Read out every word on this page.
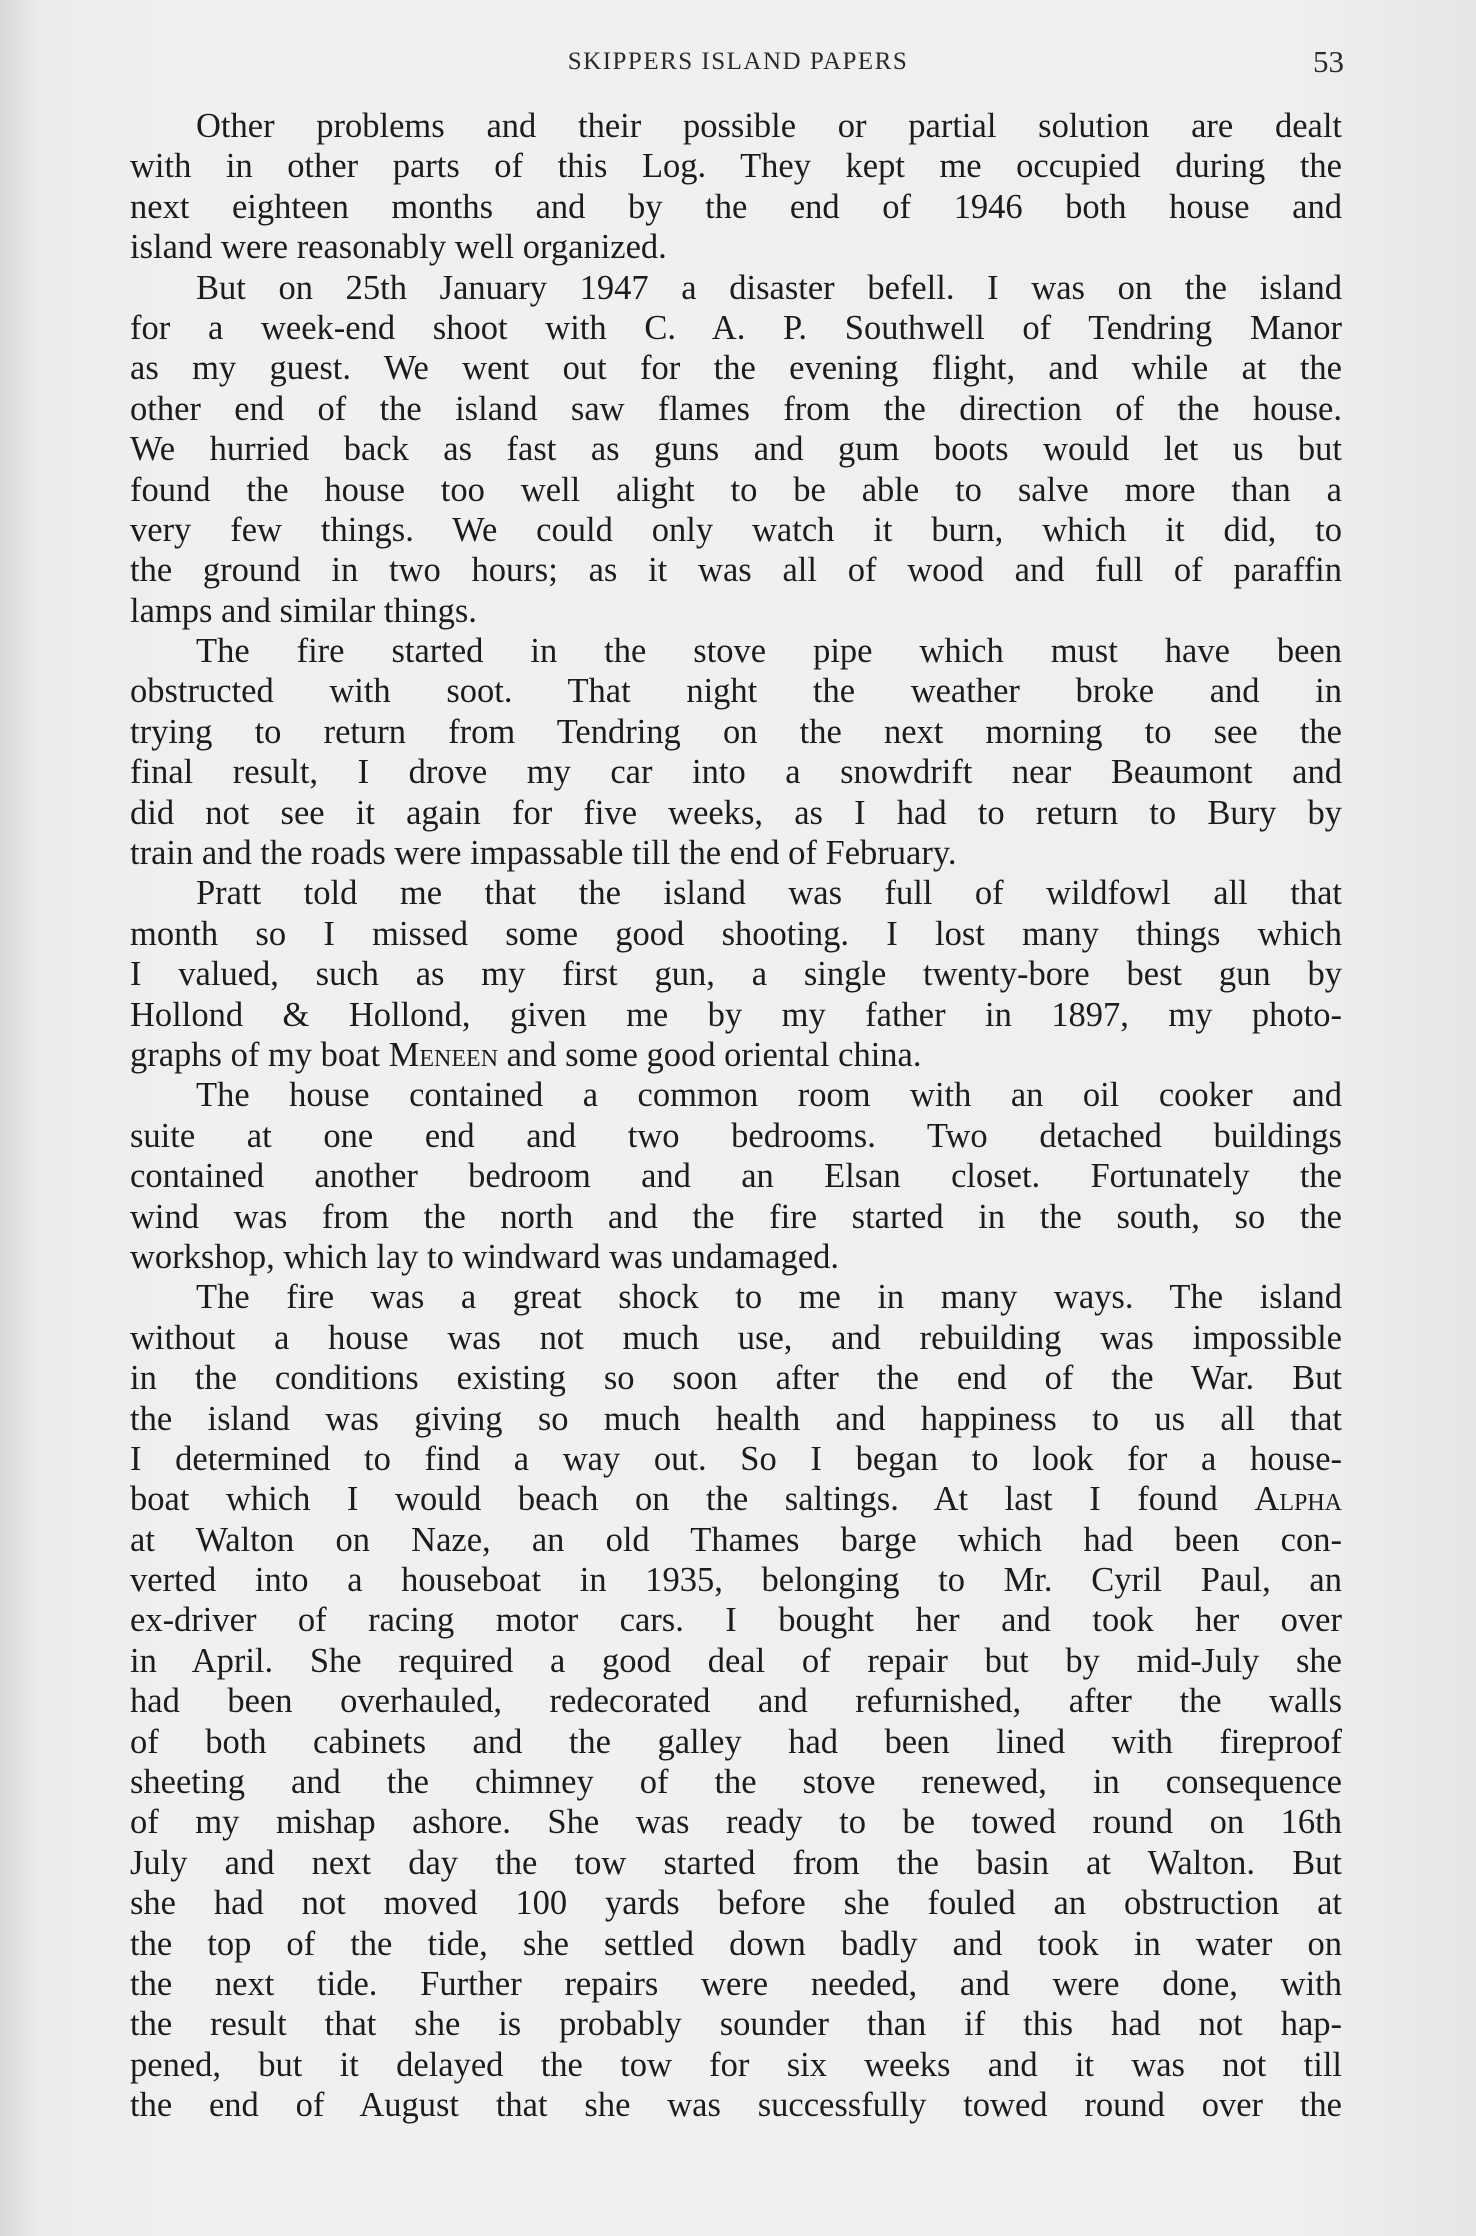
SKIPPERS ISLAND PAPERS	53
Other problems and their possible or partial solution are dealt
with in other parts of this Log. They kept me occupied during the
next eighteen months and by the end of 1946 both house and
island were reasonably well organized.
But on 25th January 1947 a disaster befell. I was on the island
for a week-end shoot with C. A. P. Southwell of Tendring Manor
as my guest. We went out for the evening flight, and while at the
other end of the island saw flames from the direction of the house.
We hurried back as fast as guns and gum boots would let us but
found the house too well alight to be able to salve more than a
very few things. We could only watch it burn, which it did, to
the ground in two hours; as it was all of wood and full of paraffin
lamps and similar things.
The fire started in the stove pipe which must have been
obstructed with soot. That night the weather broke and in
trying to return from Tendring on the next morning to see the
final result, I drove my car into a snowdrift near Beaumont and
did not see it again for five weeks, as I had to return to Bury by
train and the roads were impassable till the end of February.
Pratt told me that the island was full of wildfowl all that
month so I missed some good shooting. I lost many things which
I valued, such as my first gun, a single twenty-bore best gun by
Hollond & Hollond, given me by my father in 1897, my photo-
graphs of my boat Meneen and some good oriental china.
The house contained a common room with an oil cooker and
suite at one end and two bedrooms. Two detached buildings
contained another bedroom and an Elsan closet. Fortunately the
wind was from the north and the fire started in the south, so the
workshop, which lay to windward was undamaged.
The fire was a great shock to me in many ways. The island
without a house was not much use, and rebuilding was impossible
in the conditions existing so soon after the end of the War. But
the island was giving so much health and happiness to us all that
I determined to find a way out. So I began to look for a house-
boat which I would beach on the saltings. At last I found Alpha
at Walton on Naze, an old Thames barge which had been con-
verted into a houseboat in 1935, belonging to Mr. Cyril Paul, an
ex-driver of racing motor cars. I bought her and took her over
in April. She required a good deal of repair but by mid-July she
had been overhauled, redecorated and refurnished, after the walls
of both cabinets and the galley had been lined with fireproof
sheeting and the chimney of the stove renewed, in consequence
of my mishap ashore. She was ready to be towed round on 16th
July and next day the tow started from the basin at Walton. But
she had not moved 100 yards before she fouled an obstruction at
the top of the tide, she settled down badly and took in water on
the next tide. Further repairs were needed, and were done, with
the result that she is probably sounder than if this had not hap-
pened, but it delayed the tow for six weeks and it was not till
the end of August that she was successfully towed round over the
